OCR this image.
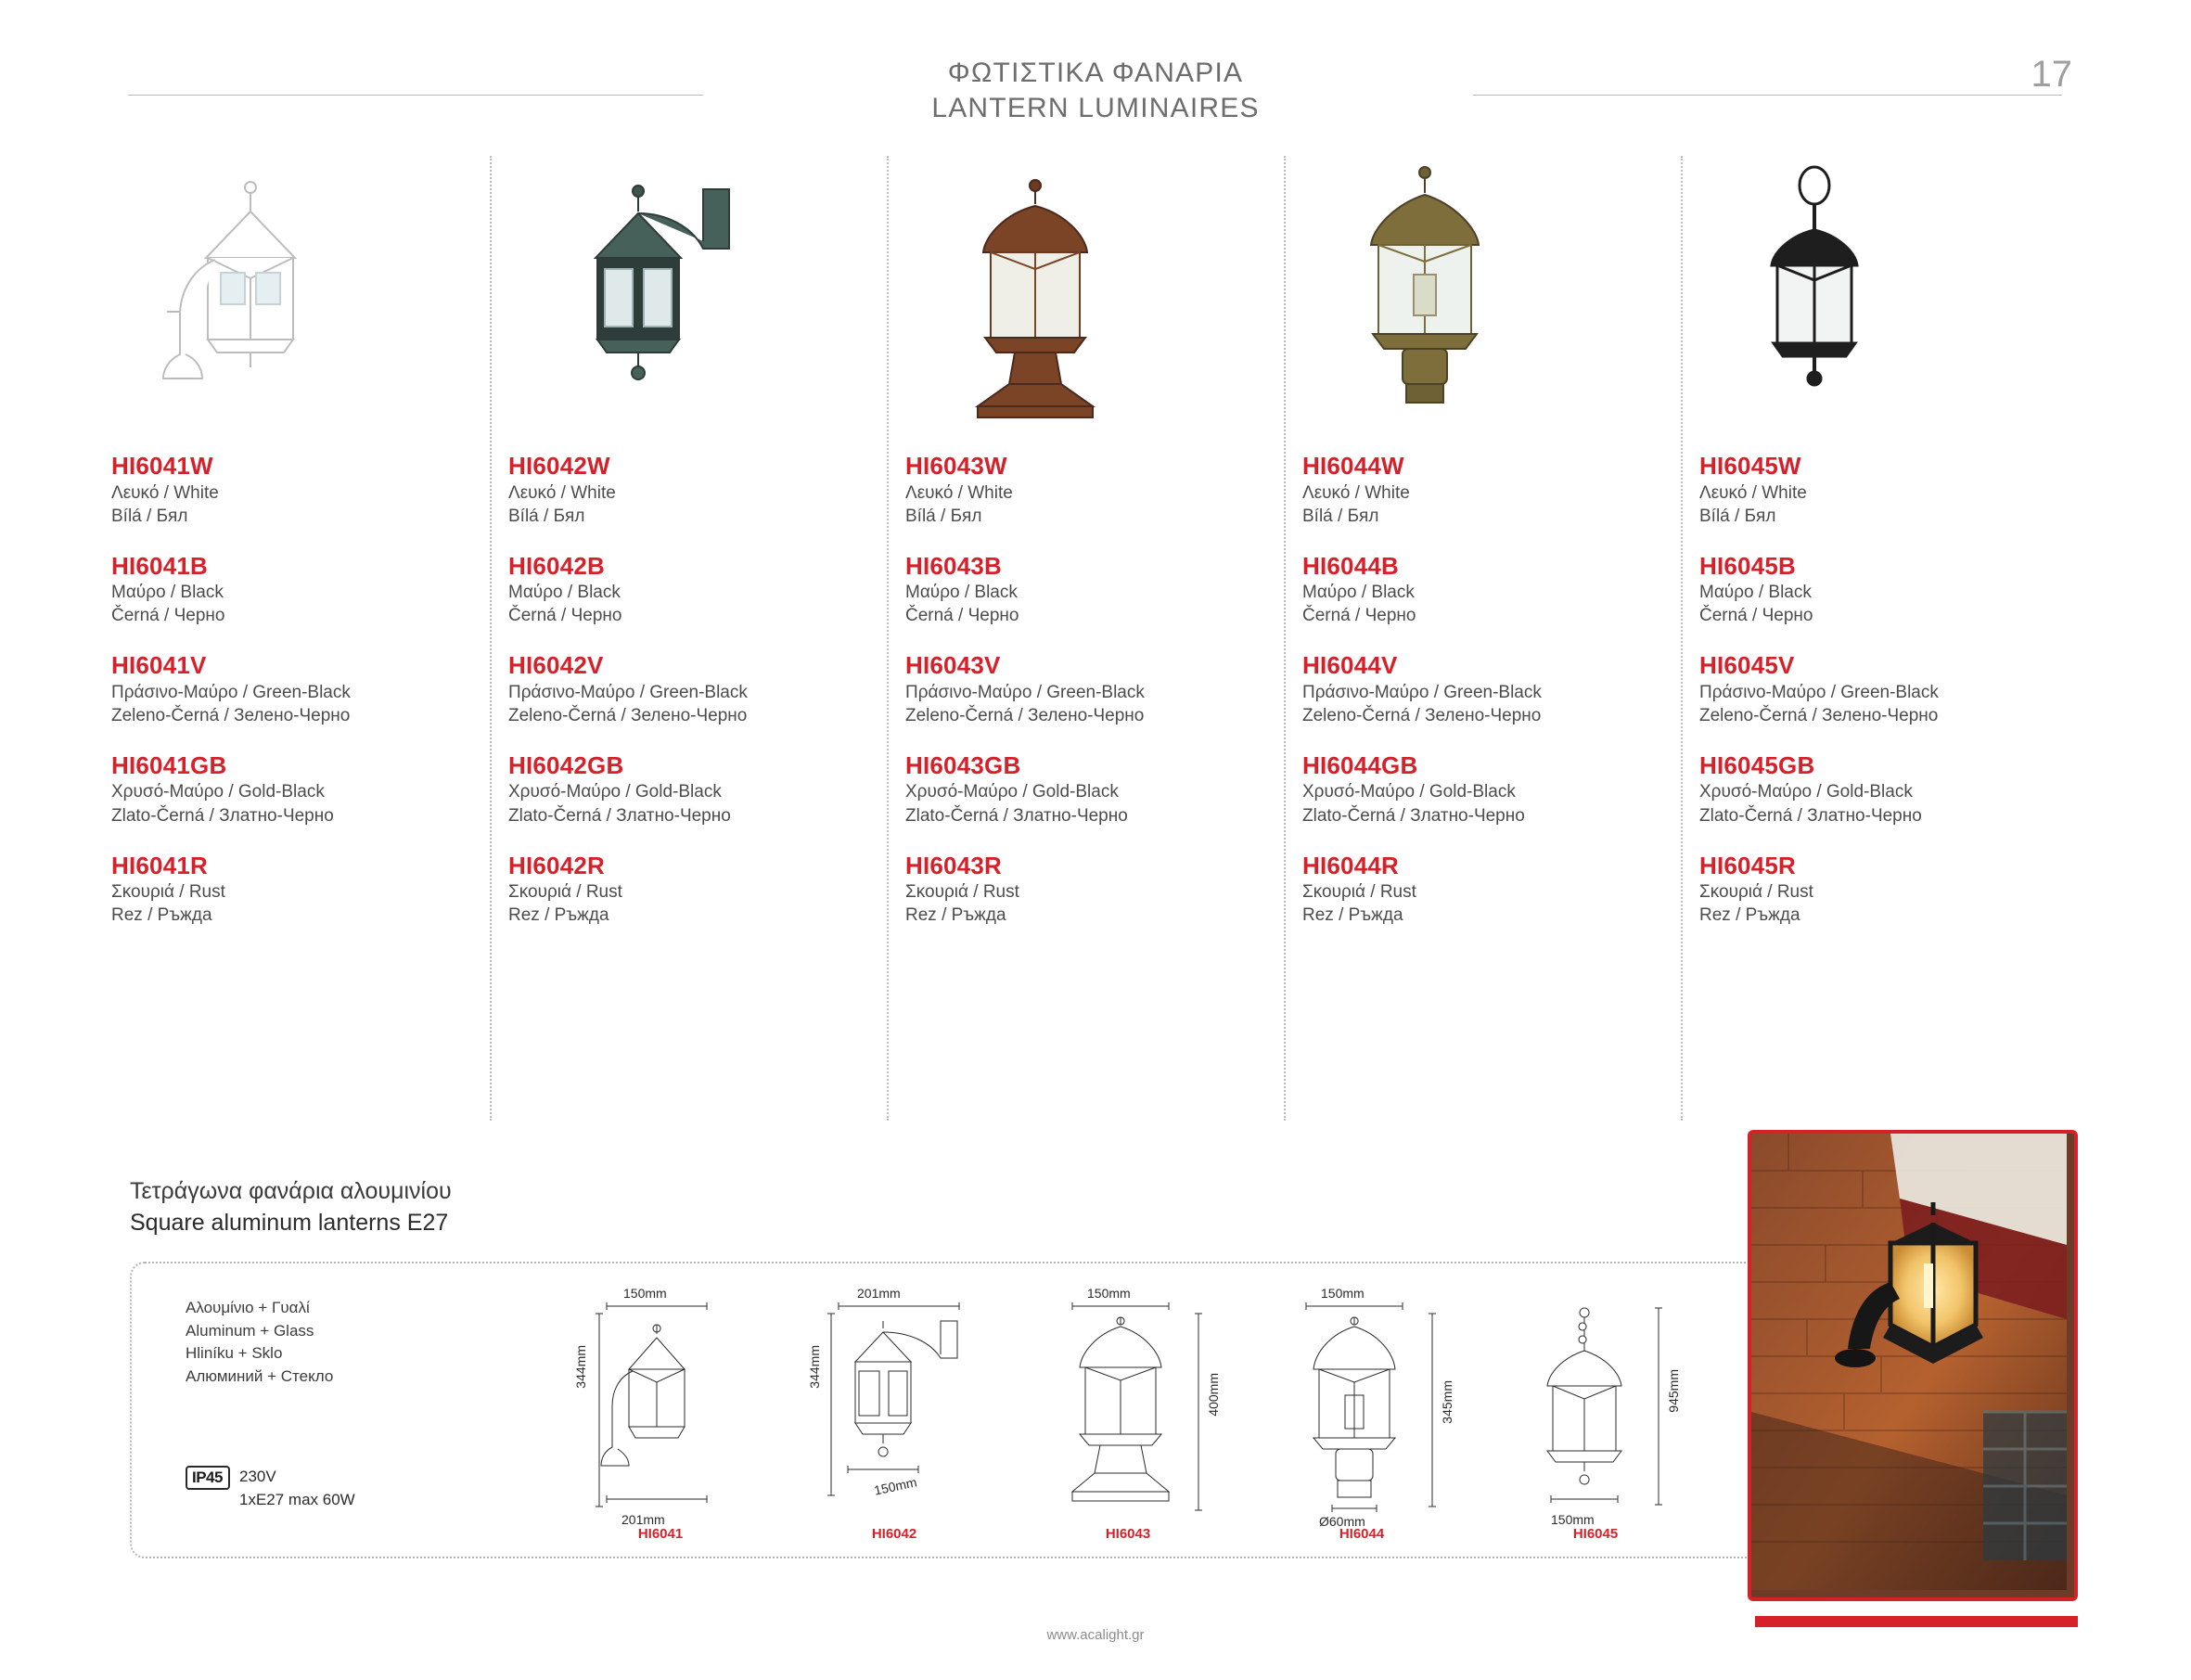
ΦΩΤΙΣΤΙΚΑ ΦΑΝΑΡΙΑ
LANTERN LUMINAIRES
17
HI6041W
Λευκό / White
Bílá / Бял
HI6041B
Μαύρο / Black
Černá / Черно
HI6041V
Πράσινο-Μαύρο / Green-Black
Zeleno-Černá / Зелено-Черно
HI6041GB
Χρυσό-Μαύρο / Gold-Black
Zlato-Černá / Златно-Черно
HI6041R
Σκουριά / Rust
Rez / Ръжда
HI6042W
Λευκό / White
Bílá / Бял
HI6042B
Μαύρο / Black
Černá / Черно
HI6042V
Πράσινο-Μαύρο / Green-Black
Zeleno-Černá / Зелено-Черно
HI6042GB
Χρυσό-Μαύρο / Gold-Black
Zlato-Černá / Златно-Черно
HI6042R
Σκουριά / Rust
Rez / Ръжда
HI6043W
Λευκό / White
Bílá / Бял
HI6043B
Μαύρο / Black
Černá / Черно
HI6043V
Πράσινο-Μαύρο / Green-Black
Zeleno-Černá / Зелено-Черно
HI6043GB
Χρυσό-Μαύρο / Gold-Black
Zlato-Černá / Златно-Черно
HI6043R
Σκουριά / Rust
Rez / Ръжда
HI6044W
Λευκό / White
Bílá / Бял
HI6044B
Μαύρο / Black
Černá / Черно
HI6044V
Πράσινο-Μαύρο / Green-Black
Zeleno-Černá / Зелено-Черно
HI6044GB
Χρυσό-Μαύρο / Gold-Black
Zlato-Černá / Златно-Черно
HI6044R
Σκουριά / Rust
Rez / Ръжда
HI6045W
Λευκό / White
Bílá / Бял
HI6045B
Μαύρο / Black
Černá / Черно
HI6045V
Πράσινο-Μαύρο / Green-Black
Zeleno-Černá / Зелено-Черно
HI6045GB
Χρυσό-Μαύρο / Gold-Black
Zlato-Černá / Златно-Черно
HI6045R
Σκουριά / Rust
Rez / Ръжда
Τετράγωνα φανάρια αλουμινίου
Square aluminum lanterns E27
Αλουμίνιο + Γυαλί
Aluminum + Glass
Hliníku + Sklo
Алюминий + Стекло
IP45	230V
1xE27 max 60W
150mm
344mm
201mm
HI6041
201mm
344mm
150mm
HI6042
150mm
400mm
HI6043
150mm
345mm
Ø60mm
HI6044
945mm
150mm
HI6045
www.acalight.gr
